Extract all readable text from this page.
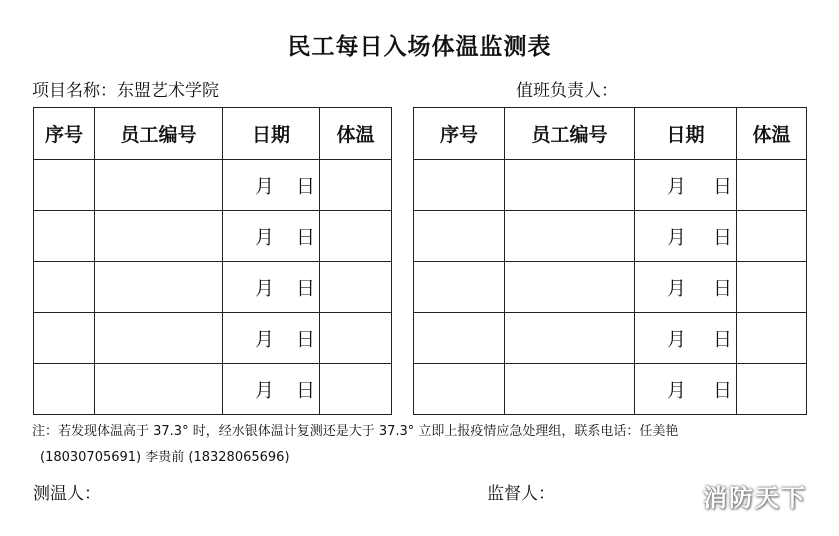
民工每日入场体温监测表
项目名称：东盟艺术学院	值班负责人：
序号	员工编号	日期	体温

		月 日	

		月 日	

		月 日	

		月 日	

		月 日	

序号	员工编号	日期	体温

		月 日	

		月 日	

		月 日	

		月 日	

		月 日	

注：若发现体温高于 37.3° 时，经水银体温计复测还是大于 37.3° 立即上报疫情应急处理组，联系电话：任美艳
(18030705691) 李贵前 (18328065696)
测温人：	监督人：	消防天下
